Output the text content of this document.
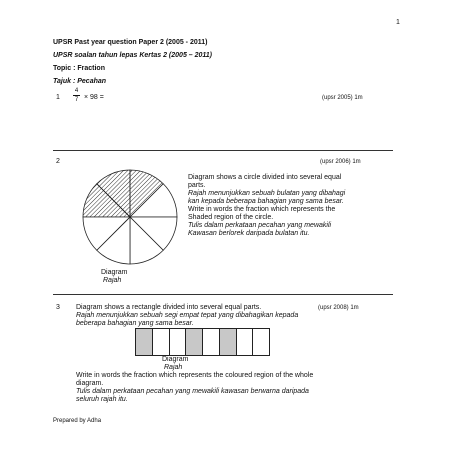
1
UPSR Past year question Paper 2 (2005 - 2011)
UPSR soalan tahun lepas Kertas 2 (2005 – 2011)
Topic : Fraction
Tajuk : Pecahan
1
4
7 × 98 =	(upsr 2005) 1m
2	(upsr 2006) 1m
Diagram shows a circle divided into several equal
parts.
Rajah menunjukkan sebuah bulatan yang dibahagi
kan kepada beberapa bahagian yang sama besar.
Write in words the fraction which represents the
Shaded region of the circle.
Tulis dalam perkataan pecahan yang mewakili
Kawasan berlorek daripada bulatan itu.
Diagram
Rajah
3 Diagram shows a rectangle divided into several equal parts.	(upsr 2008) 1m
Rajah menunjukkan sebuah segi empat tepat yang dibahagikan kepada
beberapa bahagian yang sama besar.
Diagram
Rajah
Write in words the fraction which represents the coloured region of the whole
diagram.
Tulis dalam perkataan pecahan yang mewakili kawasan berwarna daripada
seluruh rajah itu.
Prepared by Adha
